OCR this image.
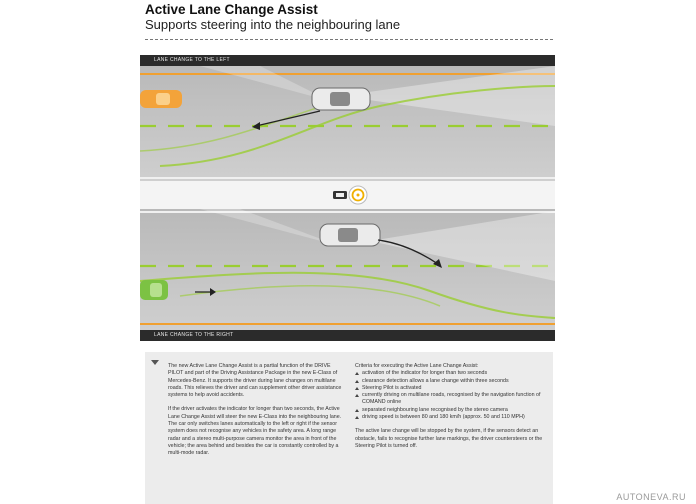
Active Lane Change Assist
Supports steering into the neighbouring lane
LANE CHANGE TO THE LEFT
LANE CHANGE TO THE RIGHT

The new Active Lane Change Assist is a partial function of the DRIVE PILOT and part of the Driving Assistance Package in the new E-Class of Mercedes-Benz. It supports the driver during lane changes on multilane roads. This relieves the driver and can supplement other driver assistance systems to help avoid accidents.

If the driver activates the indicator for longer than two seconds, the Active Lane Change Assist will steer the new E-Class into the neighbouring lane. The car only switches lanes automatically to the left or right if the sensor system does not recognise any vehicles in the safety area. A long range radar and a stereo multi-purpose camera monitor the area in front of the vehicle; the area behind and besides the car is constantly controlled by a multi-mode radar.

Criteria for executing the Active Lane Change Assist:
activation of the indicator for longer than two seconds
clearance detection allows a lane change within three seconds
Steering Pilot is activated
currently driving on multilane roads, recognised by the navigation function of COMAND online
separated neighbouring lane recognised by the stereo camera
driving speed is between 80 and 180 km/h (approx. 50 and 110 MPH)

The active lane change will be stopped by the system, if the sensors detect an obstacle, fails to recognise further lane markings, the driver countersteers or the Steering Pilot is turned off.

AUTONEVA.RU
